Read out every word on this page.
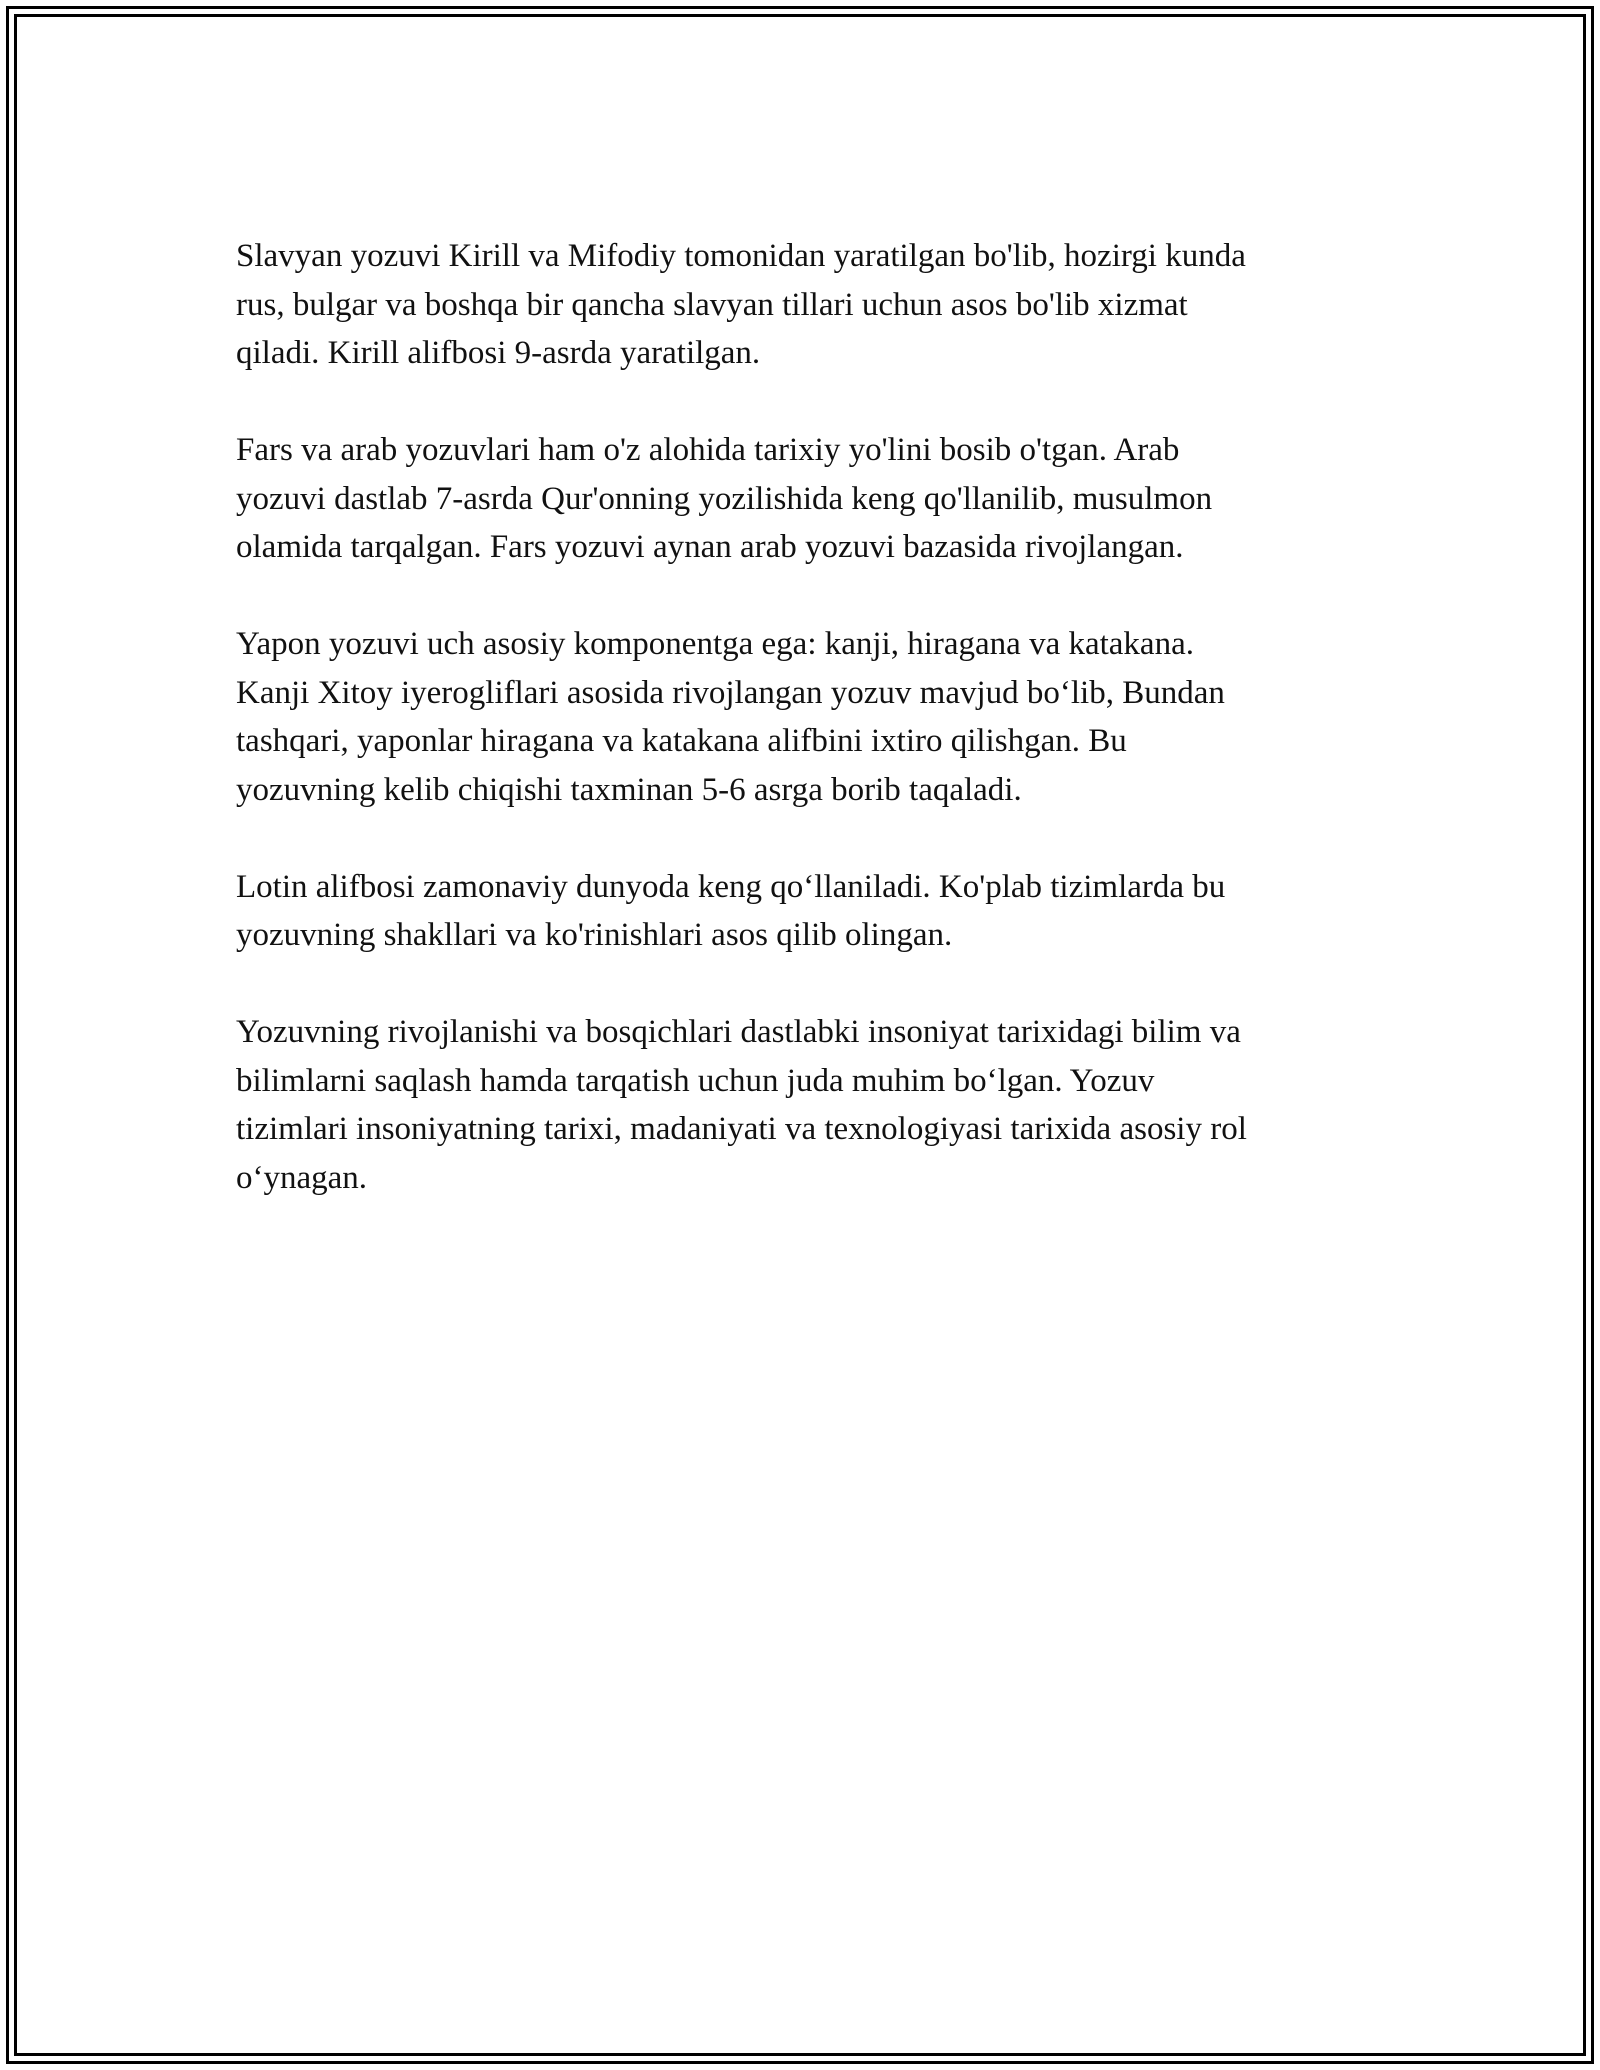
Slavyan yozuvi Kirill va Mifodiy tomonidan yaratilgan bo'lib, hozirgi kunda
rus, bulgar va boshqa bir qancha slavyan tillari uchun asos bo'lib xizmat
qiladi. Kirill alifbosi 9-asrda yaratilgan.

Fars va arab yozuvlari ham o'z alohida tarixiy yo'lini bosib o'tgan. Arab
yozuvi dastlab 7-asrda Qur'onning yozilishida keng qo'llanilib, musulmon
olamida tarqalgan. Fars yozuvi aynan arab yozuvi bazasida rivojlangan.

Yapon yozuvi uch asosiy komponentga ega: kanji, hiragana va katakana.
Kanji Xitoy iyerogliflari asosida rivojlangan yozuv mavjud boʻlib, Bundan
tashqari, yaponlar hiragana va katakana alifbini ixtiro qilishgan. Bu
yozuvning kelib chiqishi taxminan 5-6 asrga borib taqaladi.

Lotin alifbosi zamonaviy dunyoda keng qoʻllaniladi. Ko'plab tizimlarda bu
yozuvning shakllari va ko'rinishlari asos qilib olingan.

Yozuvning rivojlanishi va bosqichlari dastlabki insoniyat tarixidagi bilim va
bilimlarni saqlash hamda tarqatish uchun juda muhim boʻlgan. Yozuv
tizimlari insoniyatning tarixi, madaniyati va texnologiyasi tarixida asosiy rol
oʻynagan.
